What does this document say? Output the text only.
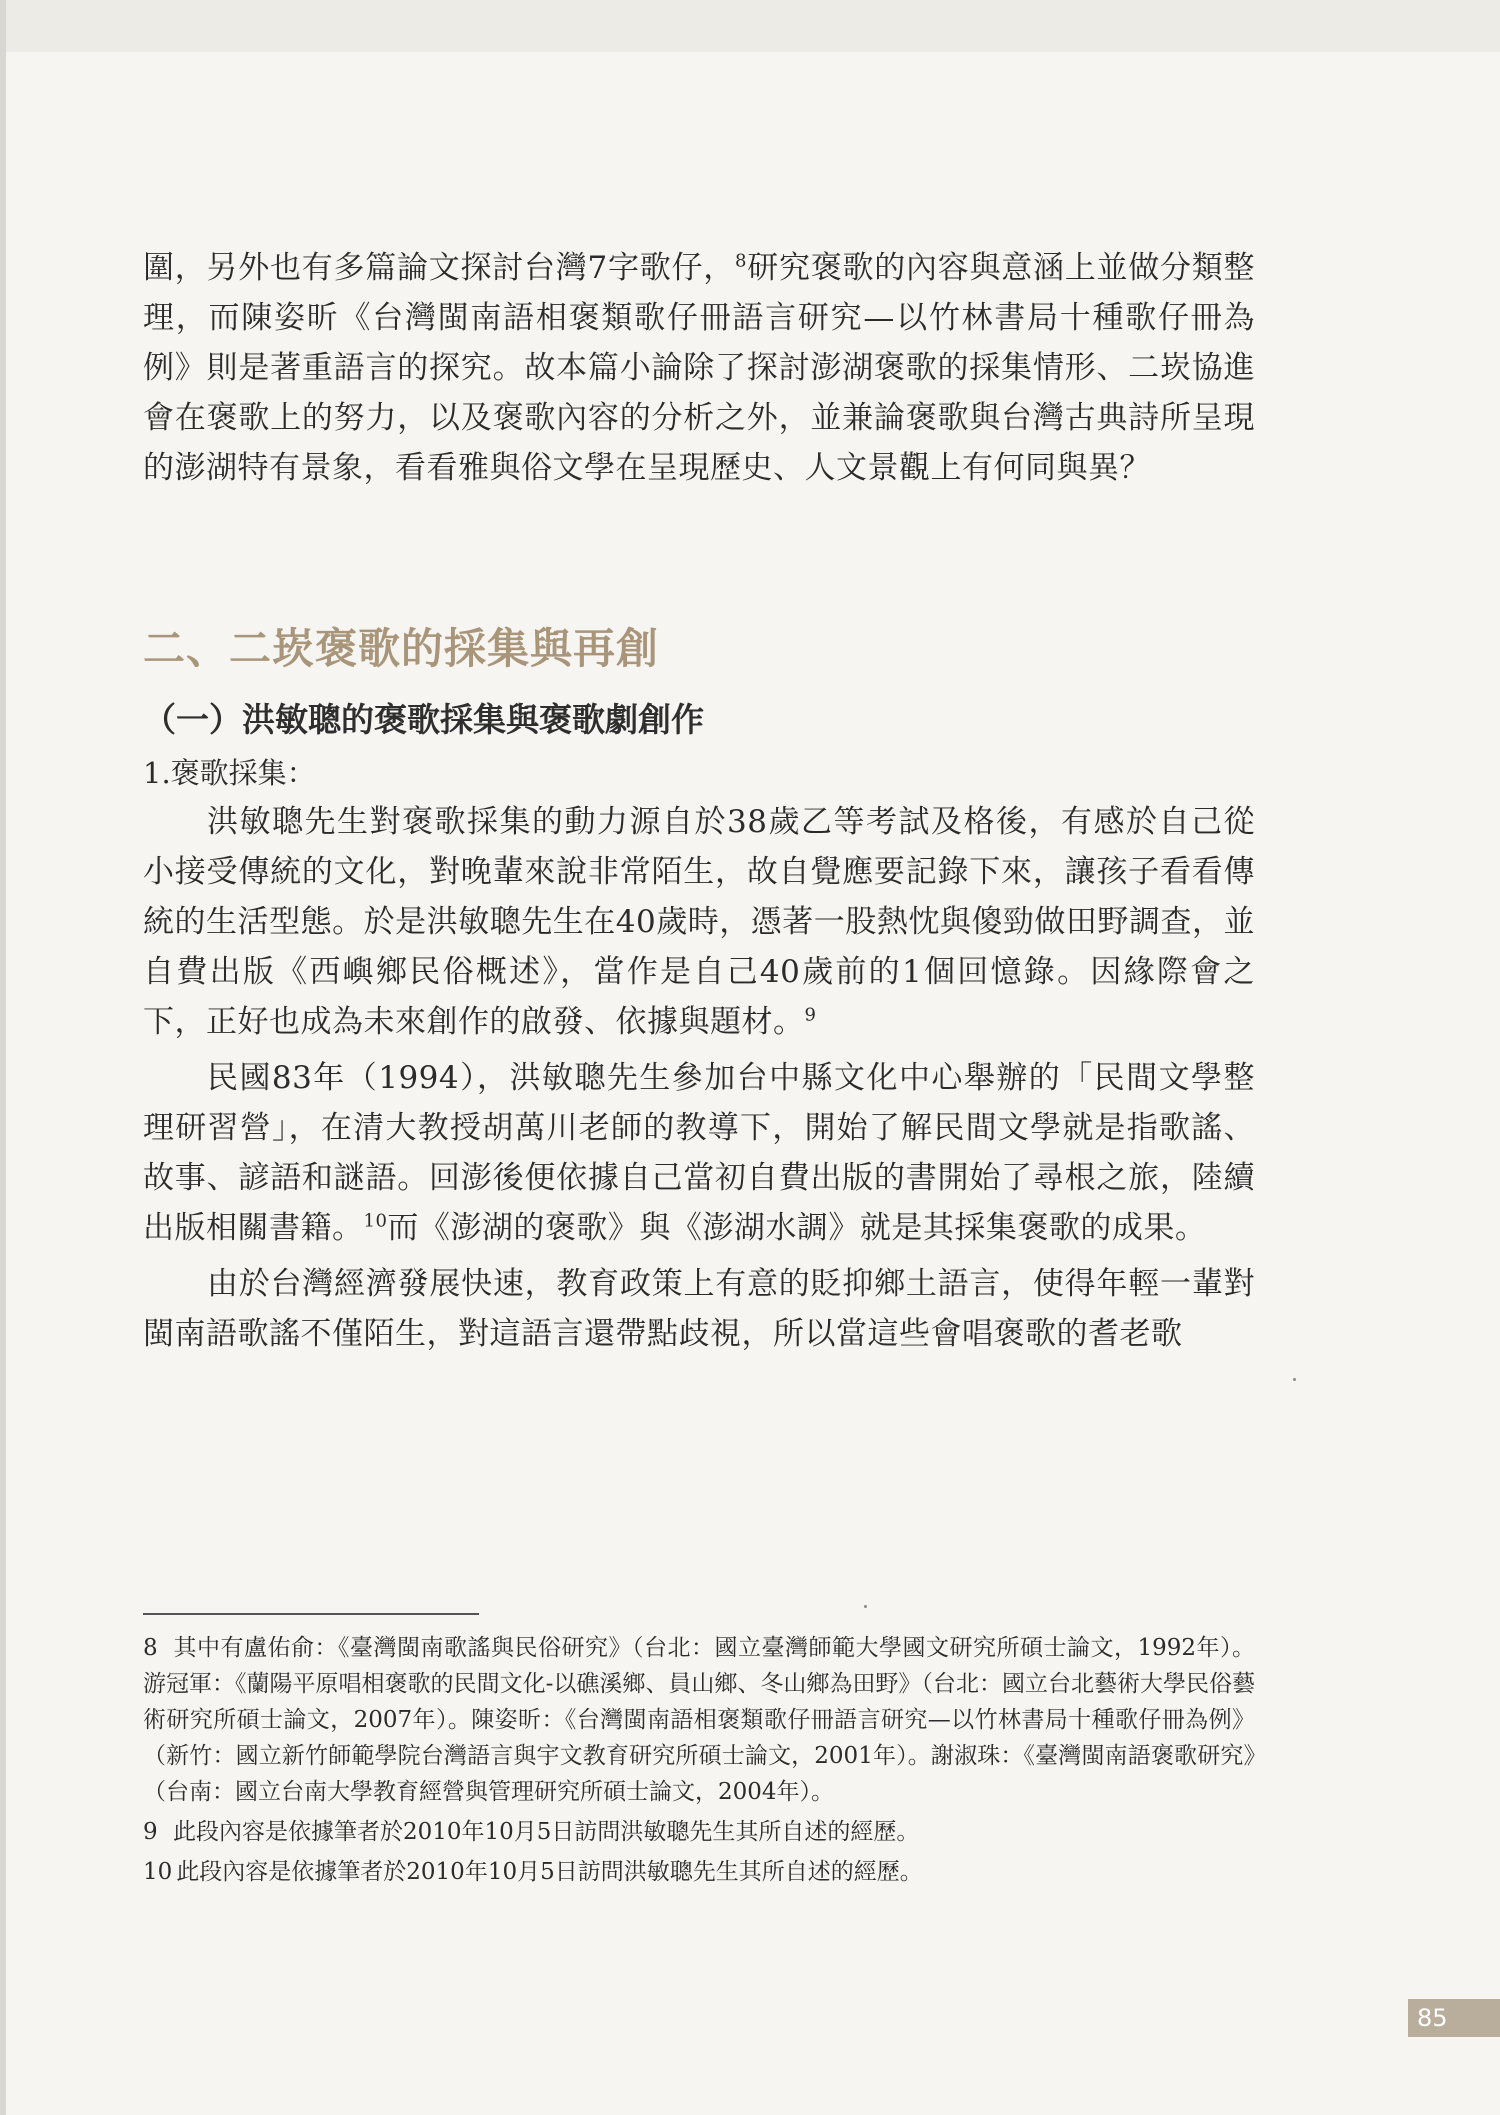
圍，另外也有多篇論文探討台灣7字歌仔，$^8$研究褒歌的內容與意涵上並做分類整理，而陳姿昕《台灣閩南語相褒類歌仔冊語言研究—以竹林書局十種歌仔冊為例》則是著重語言的探究。故本篇小論除了探討澎湖褒歌的採集情形、二崁協進會在褒歌上的努力，以及褒歌內容的分析之外，並兼論褒歌與台灣古典詩所呈現的澎湖特有景象，看看雅與俗文學在呈現歷史、人文景觀上有何同與異？

二、二崁褒歌的採集與再創
（一）洪敏聰的褒歌採集與褒歌劇創作

1.褒歌採集：

洪敏聰先生對褒歌採集的動力源自於38歲乙等考試及格後，有感於自己從小接受傳統的文化，對晚輩來說非常陌生，故自覺應要記錄下來，讓孩子看看傳統的生活型態。於是洪敏聰先生在40歲時，憑著一股熱忱與傻勁做田野調查，並自費出版《西嶼鄉民俗概述》，當作是自己40歲前的1個回憶錄。因緣際會之下，正好也成為未來創作的啟發、依據與題材。$^9$

民國83年（1994），洪敏聰先生參加台中縣文化中心舉辦的「民間文學整理研習營」，在清大教授胡萬川老師的教導下，開始了解民間文學就是指歌謠、故事、諺語和謎語。回澎後便依據自己當初自費出版的書開始了尋根之旅，陸續出版相關書籍。$^{10}$而《澎湖的褒歌》與《澎湖水調》就是其採集褒歌的成果。

由於台灣經濟發展快速，教育政策上有意的貶抑鄉土語言，使得年輕一輩對閩南語歌謠不僅陌生，對這語言還帶點歧視，所以當這些會唱褒歌的耆老歌

8 其中有盧佑俞：《臺灣閩南歌謠與民俗研究》（台北：國立臺灣師範大學國文研究所碩士論文，1992年）。游冠軍：《蘭陽平原唱相褒歌的民間文化-以礁溪鄉、員山鄉、冬山鄉為田野》（台北：國立台北藝術大學民俗藝術研究所碩士論文，2007年）。陳姿昕：《台灣閩南語相褒類歌仔冊語言研究—以竹林書局十種歌仔冊為例》（新竹：國立新竹師範學院台灣語言與宇文教育研究所碩士論文，2001年）。謝淑珠：《臺灣閩南語褒歌研究》（台南：國立台南大學教育經營與管理研究所碩士論文，2004年）。

9 此段內容是依據筆者於2010年10月5日訪問洪敏聰先生其所自述的經歷。

10 此段內容是依據筆者於2010年10月5日訪問洪敏聰先生其所自述的經歷。

85
